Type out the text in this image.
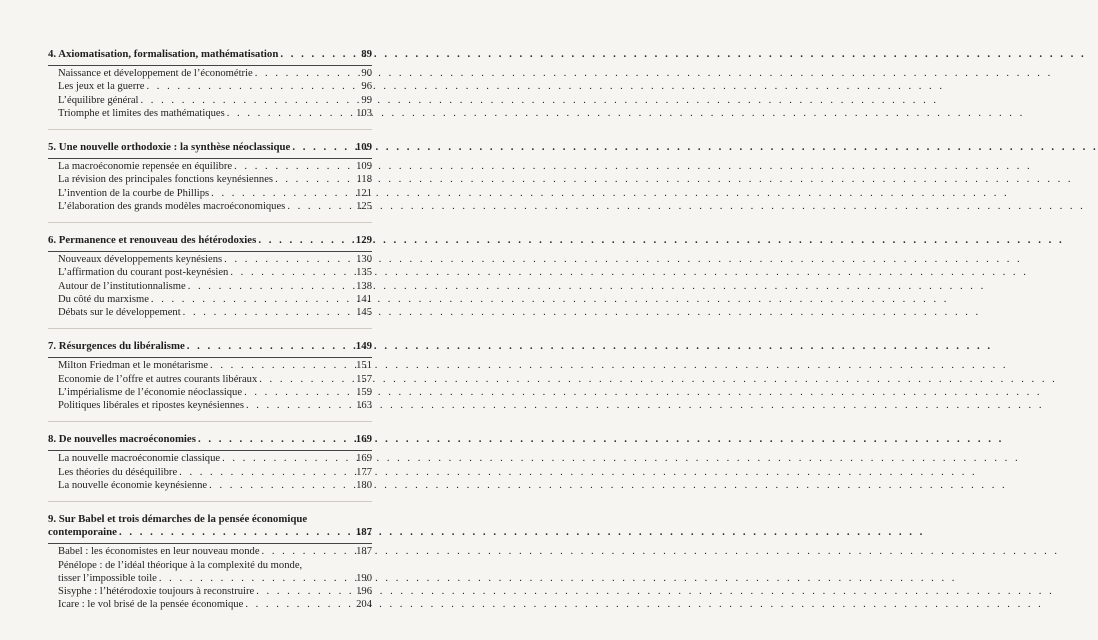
4. Axiomatisation, formalisation, mathématisation . . .	89
Naissance et développement de l’économétrie . . .	90
Les jeux et la guerre . . .	96
L’équilibre général . . .	99
Triomphe et limites des mathématiques . . .	103
5. Une nouvelle orthodoxie : la synthèse néoclassique . . .	109
La macroéconomie repensée en équilibre . . .	109
La révision des principales fonctions keynésiennes . . .	118
L’invention de la courbe de Phillips . . .	121
L’élaboration des grands modèles macroéconomiques . . .	125
6. Permanence et renouveau des hétérodoxies . . .	129
Nouveaux développements keynésiens . . .	130
L’affirmation du courant post-keynésien . . .	135
Autour de l’institutionnalisme . . .	138
Du côté du marxisme . . .	141
Débats sur le développement . . .	145
7. Résurgences du libéralisme . . .	149
Milton Friedman et le monétarisme . . .	151
Economie de l’offre et autres courants libéraux . . .	157
L’impérialisme de l’économie néoclassique . . .	159
Politiques libérales et ripostes keynésiennes . . .	163
8. De nouvelles macroéconomies . . .	169
La nouvelle macroéconomie classique . . .	169
Les théories du déséquilibre . . .	177
La nouvelle économie keynésienne . . .	180
9. Sur Babel et trois démarches de la pensée économique
contemporaine . . .	187
Babel : les économistes en leur nouveau monde . . .	187
Pénélope : de l’idéal théorique à la complexité du monde,
tisser l’impossible toile . . .	190
Sisyphe : l’hétérodoxie toujours à reconstruire . . .	196
Icare : le vol brisé de la pensée économique . . .	204
